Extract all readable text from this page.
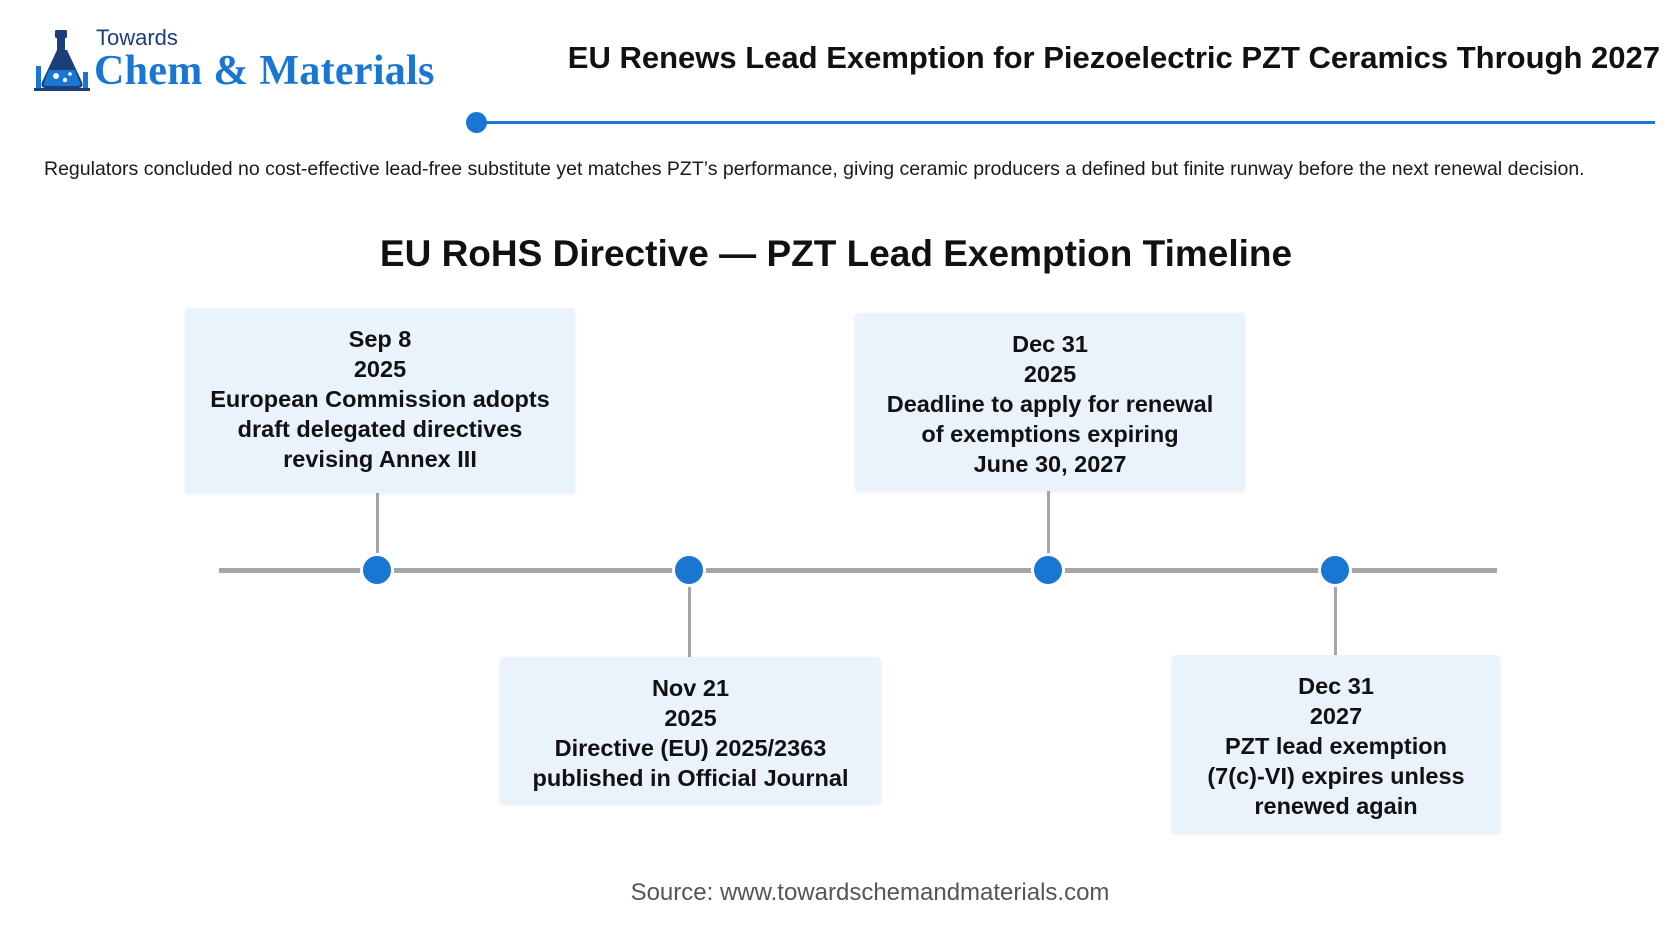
Towards
Chem & Materials	EU Renews Lead Exemption for Piezoelectric PZT Ceramics Through 2027
Regulators concluded no cost-effective lead-free substitute yet matches PZT’s performance, giving ceramic producers a defined but finite runway before the next renewal decision.
EU RoHS Directive — PZT Lead Exemption Timeline
Sep 8
2025
European Commission adopts
draft delegated directives
revising Annex III
Nov 21
2025
Directive (EU) 2025/2363
published in Official Journal
Dec 31
2025
Deadline to apply for renewal
of exemptions expiring
June 30, 2027
Dec 31
2027
PZT lead exemption
(7(c)-VI) expires unless
renewed again
Source: www.towardschemandmaterials.com
